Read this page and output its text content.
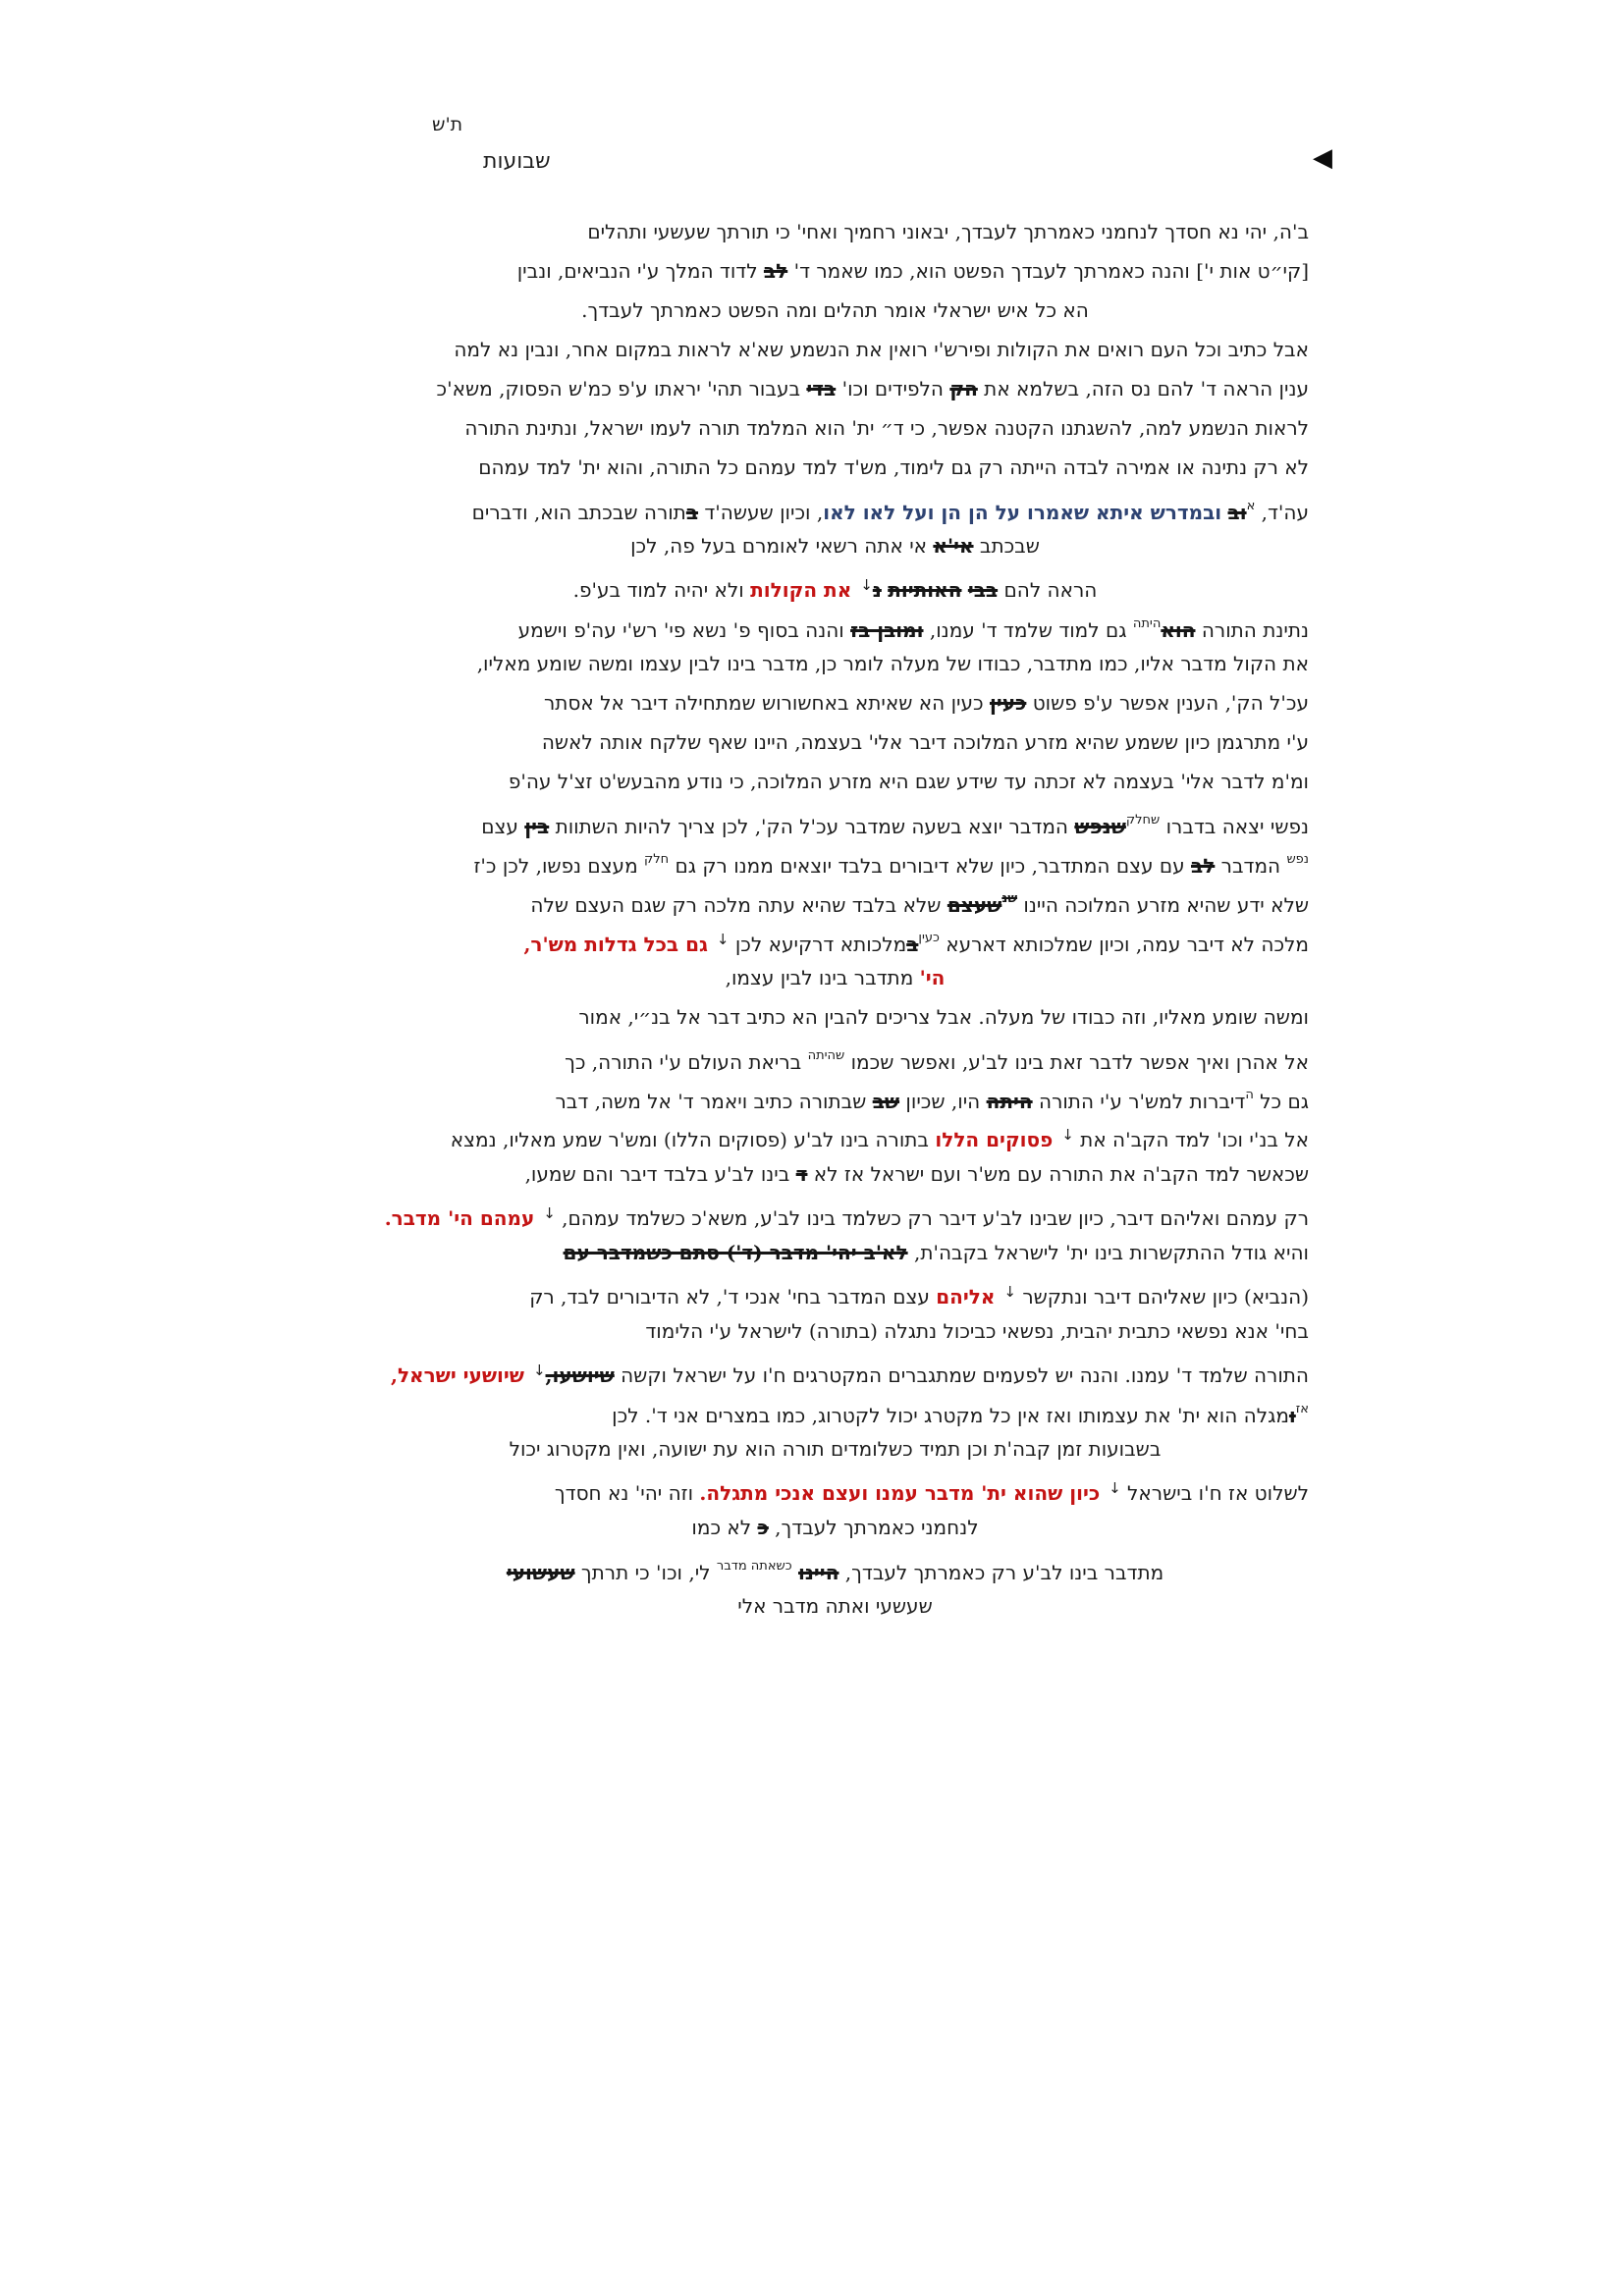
ת'ש
שבועות	◀
ב'ה, יהי נא חסדך לנחמני כאמרתך לעבדך, יבאוני רחמיך ואחי' כי תורתך שעשעי ותהלים
[קי״ט אות י'] והנה כאמרתך לעבדך הפשט הוא, כמו שאמר ד' לב לדוד המלך ע'י הנביאים, ונבין
הא כל איש ישראלי אומר תהלים ומה הפשט כאמרתך לעבדך.
אבל כתיב וכל העם רואים את הקולות ופירש'י רואין את הנשמע שא'א לראות במקום אחר, ונבין נא למה
ענין הראה ד' להם נס הזה, בשלמא את הק הלפידים וכו' בדי בעבור תהי' יראתו ע'פ כמ'ש הפסוק, משא'כ
לראות הנשמע למה, להשגתנו הקטנה אפשר, כי ד״ ית' הוא המלמד תורה לעמו ישראל, ונתינת התורה
לא רק נתינה או אמירה לבדה הייתה רק גם לימוד, מש'ד למד עמהם כל התורה, והוא ית' למד עמהם
עה'ד, $^א$וב ובמדרש איתא שאמרו על הן הן ועל לאו לאו, וכיון שעשה'ד בתורה שבכתב הוא, ודברים
שבכתב אי'א אי אתה רשאי לאומרם בעל פה, לכן
הראה להם בבי האותיות נ↓ את הקולות ולא יהיה למוד בע'פ.
נתינת התורה הוא$^{היתה}$ גם למוד שלמד ד' עמנו, ומובן בז והנה בסוף פ' נשא פי' רש'י עה'פ וישמע
את הקול מדבר אליו, כמו מתדבר, כבודו של מעלה לומר כן, מדבר בינו לבין עצמו ומשה שומע מאליו,
עכ'ל הק', הענין אפשר ע'פ פשוט כעין כעין הא שאיתא באחשורוש שמתחילה דיבר אל אסתר
ע'י מתרגמן כיון ששמע שהיא מזרע המלוכה דיבר אלי' בעצמה, היינו שאף שלקח אותה לאשה
ומ'מ לדבר אלי' בעצמה לא זכתה עד שידע שגם היא מזרע המלוכה, כי נודע מהבעש'ט זצ'ל עה'פ
נפשי יצאה בדברו $^{שחלק}$שנפש המדבר יוצא בשעה שמדבר עכ'ל הק', לכן צריך להיות השתוות בין עצם
$^{נפש}$ המדבר לב עם עצם המתדבר, כיון שלא דיבורים בלבד יוצאים ממנו רק גם $^{חלק}$ מעצם נפשו, לכן כ'ז
שלא ידע שהיא מזרע המלוכה היינו $^{שנ}$שעצם שלא בלבד שהיא עתה מלכה רק שגם העצם שלה
מלכה לא דיבר עמה, וכיון שמלכותא דארעא $^{כעין}$במלכותא דרקיעא לכן ↓ גם בכל גדלות מש'ר,
הי' מתדבר בינו לבין עצמו,
ומשה שומע מאליו, וזה כבודו של מעלה. אבל צריכים להבין הא כתיב דבר אל בנ״י, אמור
אל אהרן ואיך אפשר לדבר זאת בינו לב'ע, ואפשר שכמו $^{שהיתה}$ בריאת העולם ע'י התורה, כך
גם כל $^ה$דיברות למש'ר ע'י התורה היתה היו, שכיון שב שבתורה כתיב ויאמר ד' אל משה, דבר
אל בנ'י וכו' למד הקב'ה את ↓ פסוקים הללו בתורה בינו לב'ע (פסוקים הללו) ומש'ר שמע מאליו, נמצא
שכאשר למד הקב'ה את התורה עם מש'ר ועם ישראל אז לא ד בינו לב'ע בלבד דיבר והם שמעו,
רק עמהם ואליהם דיבר, כיון שבינו לב'ע דיבר רק כשלמד בינו לב'ע, משא'כ כשלמד עמהם, ↓ עמהם הי' מדבר.
והיא גודל ההתקשרות בינו ית' לישראל בקבה'ת, לא'ב יהי' מדבר (ד') סתם כשמדבר עם
(הנביא) כיון שאליהם דיבר ונתקשר ↓ אליהם עצם המדבר בחי' אנכי ד', לא הדיבורים לבד, רק
בחי' אנא נפשאי כתבית יהבית, נפשאי כביכול נתגלה (בתורה) לישראל ע'י הלימוד
התורה שלמד ד' עמנו. והנה יש לפעמים שמתגברים המקטרגים ח'ו על ישראל וקשה שיושעו,↓ שיושעי ישראל,
$^{אז}$ומגלה הוא ית' את עצמותו ואז אין כל מקטרג יכול לקטרוג, כמו במצרים אני ד'. לכן
בשבועות זמן קבה'ת וכן תמיד כשלומדים תורה הוא עת ישועה, ואין מקטרוג יכול
לשלוט אז ח'ו בישראל ↓ כיון שהוא ית' מדבר עמנו ועצם אנכי מתגלה. וזה יהי' נא חסדך
לנחמני כאמרתך לעבדך, כ לא כמו
מתדבר בינו לב'ע רק כאמרתך לעבדך, היינו $^{כשאתה מדבר}$ לי, וכו' כי תרתך שעשועי
שעשעי ואתה מדבר אלי
